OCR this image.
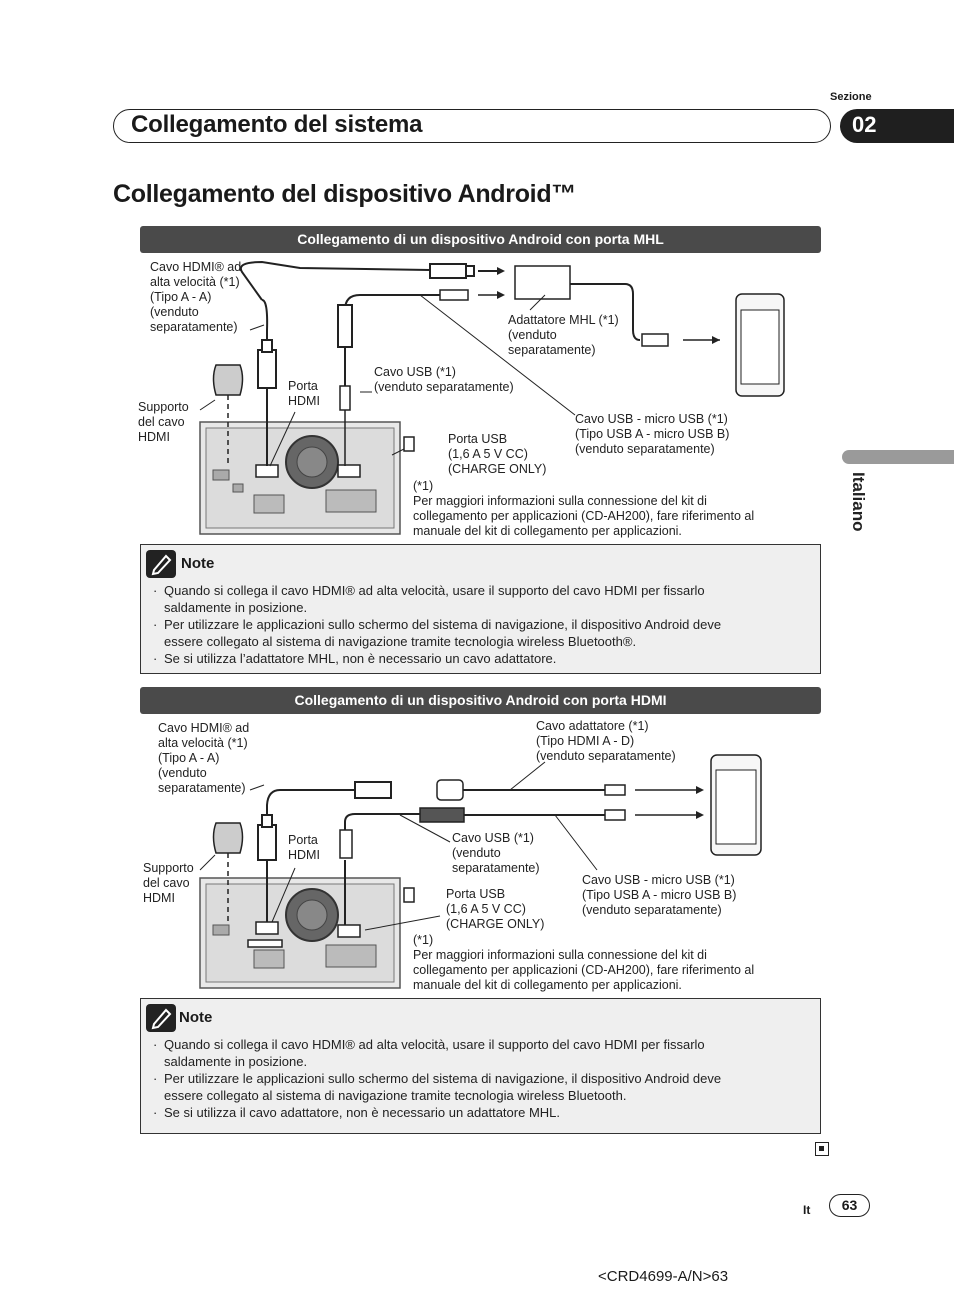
Sezione
Collegamento del sistema	02
Collegamento del dispositivo Android™
Italiano
Collegamento di un dispositivo Android con porta MHL
Cavo HDMI® ad
alta velocità (*1)
(Tipo A - A)
(venduto
separatamente)	Adattatore MHL (*1)
(venduto
separatamente)
Porta
HDMI
Cavo USB (*1)
(venduto separatamente)
Supporto
del cavo
HDMI
Cavo USB - micro USB (*1)
(Tipo USB A - micro USB B)
(venduto separatamente)
Porta USB
(1,6 A 5 V CC)
(CHARGE ONLY)
(*1)
Per maggiori informazioni sulla connessione del kit di
collegamento per applicazioni (CD-AH200), fare riferimento al
manuale del kit di collegamento per applicazioni.
Note
· Quando si collega il cavo HDMI® ad alta velocità, usare il supporto del cavo HDMI per fissarlo
saldamente in posizione.
· Per utilizzare le applicazioni sullo schermo del sistema di navigazione, il dispositivo Android deve
essere collegato al sistema di navigazione tramite tecnologia wireless Bluetooth®.
· Se si utilizza l’adattatore MHL, non è necessario un cavo adattatore.
Collegamento di un dispositivo Android con porta HDMI
Cavo HDMI® ad
alta velocità (*1)
(Tipo A - A)
(venduto
separatamente)
Cavo adattatore (*1)
(Tipo HDMI A - D)
(venduto separatamente)
Porta
HDMI
Cavo USB (*1)
(venduto
separatamente)
Supporto
del cavo
HDMI
Cavo USB - micro USB (*1)
(Tipo USB A - micro USB B)
(venduto separatamente)
Porta USB
(1,6 A 5 V CC)
(CHARGE ONLY)
(*1)
Per maggiori informazioni sulla connessione del kit di
collegamento per applicazioni (CD-AH200), fare riferimento al
manuale del kit di collegamento per applicazioni.
Note
· Quando si collega il cavo HDMI® ad alta velocità, usare il supporto del cavo HDMI per fissarlo
saldamente in posizione.
· Per utilizzare le applicazioni sullo schermo del sistema di navigazione, il dispositivo Android deve
essere collegato al sistema di navigazione tramite tecnologia wireless Bluetooth.
· Se si utilizza il cavo adattatore, non è necessario un adattatore MHL.
It	63
<CRD4699-A/N>63
